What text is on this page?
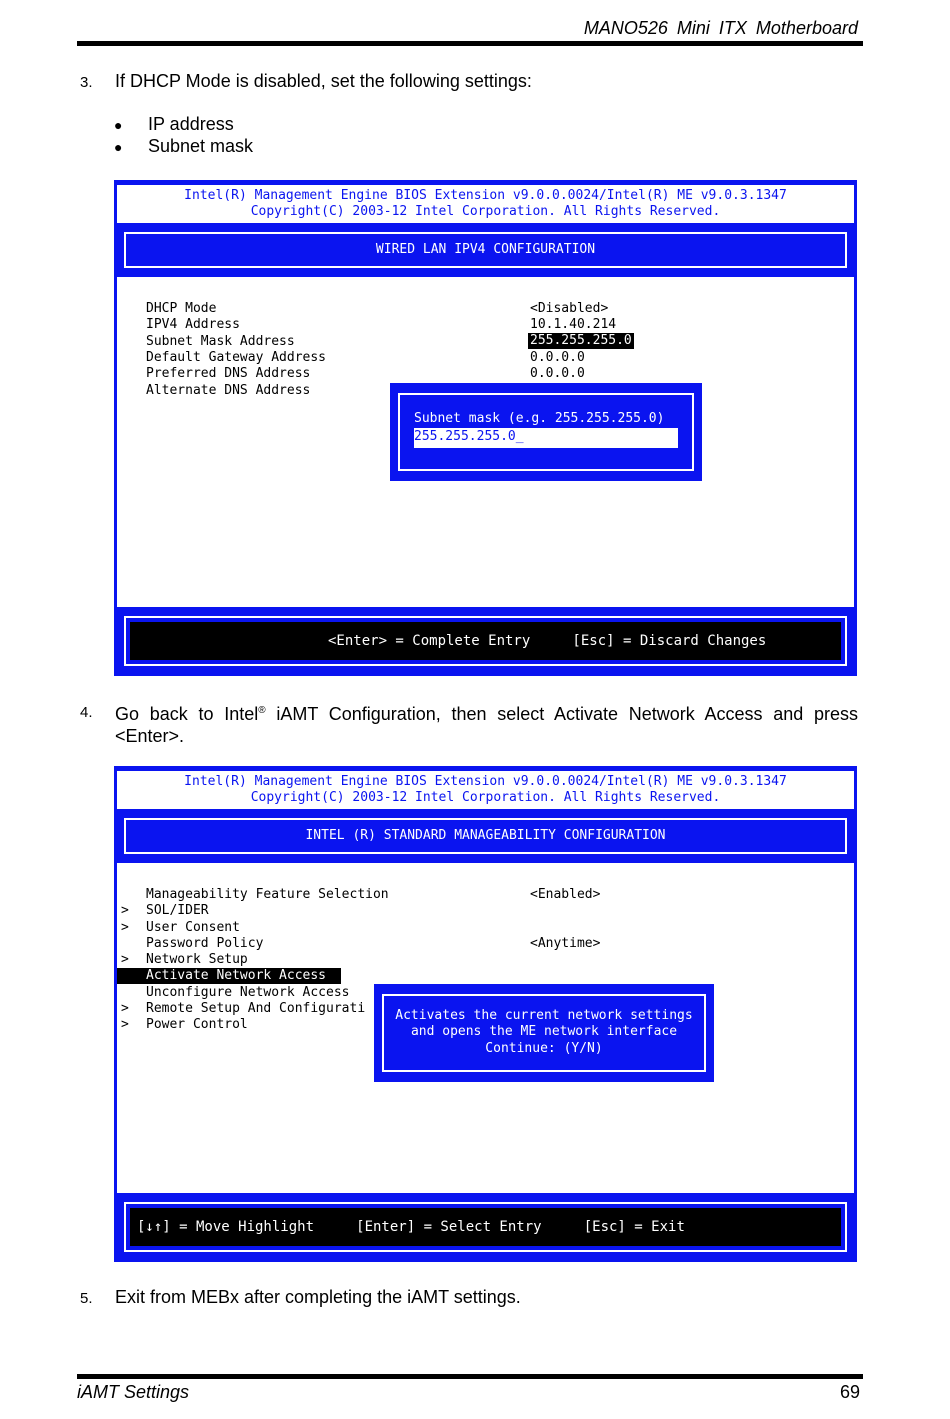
MANO526 Mini ITX Motherboard
3. If DHCP Mode is disabled, set the following settings:
● IP address
● Subnet mask
Intel(R) Management Engine BIOS Extension v9.0.0.0024/Intel(R) ME v9.0.3.1347
Copyright(C) 2003-12 Intel Corporation. All Rights Reserved.
WIRED LAN IPV4 CONFIGURATION
DHCP Mode	<Disabled>
IPV4 Address	10.1.40.214
Subnet Mask Address	255.255.255.0
Default Gateway Address	0.0.0.0
Preferred DNS Address	0.0.0.0
Alternate DNS Address
Subnet mask (e.g. 255.255.255.0)
255.255.255.0_
<Enter> = Complete Entry     [Esc] = Discard Changes
4. Go back to Intel® iAMT Configuration, then select Activate Network Access and press <Enter>.
Intel(R) Management Engine BIOS Extension v9.0.0.0024/Intel(R) ME v9.0.3.1347
Copyright(C) 2003-12 Intel Corporation. All Rights Reserved.
INTEL (R) STANDARD MANAGEABILITY CONFIGURATION
Manageability Feature Selection	<Enabled>
> SOL/IDER
> User Consent
Password Policy	<Anytime>
> Network Setup
Activate Network Access
Unconfigure Network Access
> Remote Setup And Configurati
> Power Control
Activates the current network settings
and opens the ME network interface
Continue: (Y/N)
[↓↑] = Move Highlight     [Enter] = Select Entry     [Esc] = Exit
5. Exit from MEBx after completing the iAMT settings.
iAMT Settings	69
